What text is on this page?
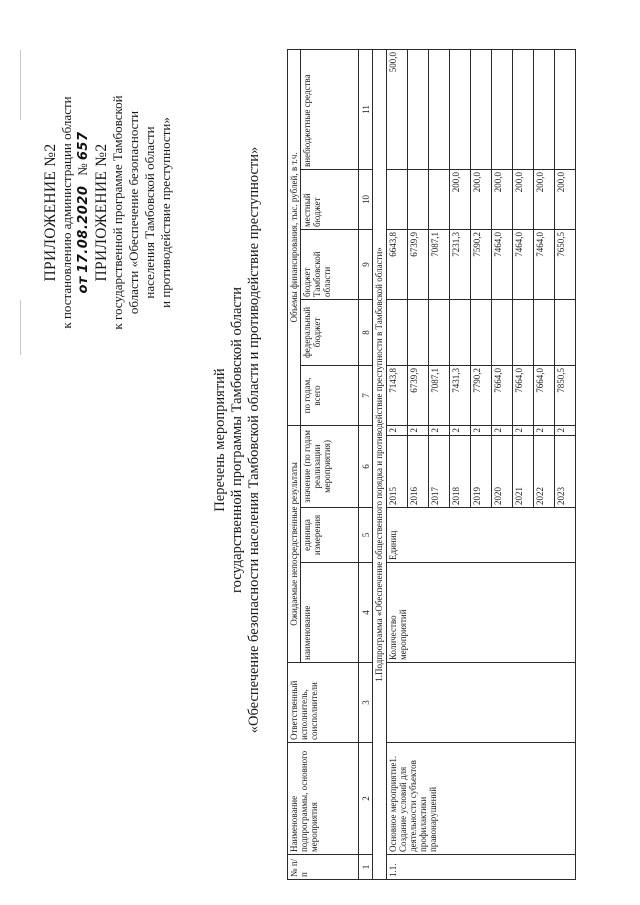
ПРИЛОЖЕНИЕ №2 к постановлению администрации области от 17.08.2020   № 657 ПРИЛОЖЕНИЕ №2 к государственной программе Тамбовской области «Обеспечение безопасности населения Тамбовской области и противодействие преступности»
Перечень мероприятий государственной программы Тамбовской области «Обеспечение безопасности населения Тамбовской области и противодействие преступности»
№ п/п	Наименование подпрограммы, основного мероприятия	Ответственный исполнитель, соисполнители	Ожидаемые непосредственные результаты				Объемы финансирования, тыс. рублей, в т.ч.				
			наименование	единица измерения	значение (по годам реализации мероприятия)		по годам, всего	федеральный бюджет	бюджет Тамбовской области	местный бюджет	внебюджетные средства
1	2	3	4	5	6		7	8	9	10	11
1.Подпрограмма «Обеспечение общественного порядка и противодействие преступности в Тамбовской области»											
1.1.	Основное мероприятие1. Создание условий для деятельности субъектов профилактики правонарушений		Количество мероприятий	Единиц	2015	2	7143,8		6643,8		500,0
					2016	2	6739,9		6739,9		
					2017	2	7087,1		7087,1		
					2018	2	7431,3		7231,3	200,0	
					2019	2	7790,2		7590,2	200,0	
					2020	2	7664,0		7464,0	200,0	
					2021	2	7664,0		7464,0	200,0	
					2022	2	7664,0		7464,0	200,0	
					2023	2	7850,5		7650,5	200,0	
